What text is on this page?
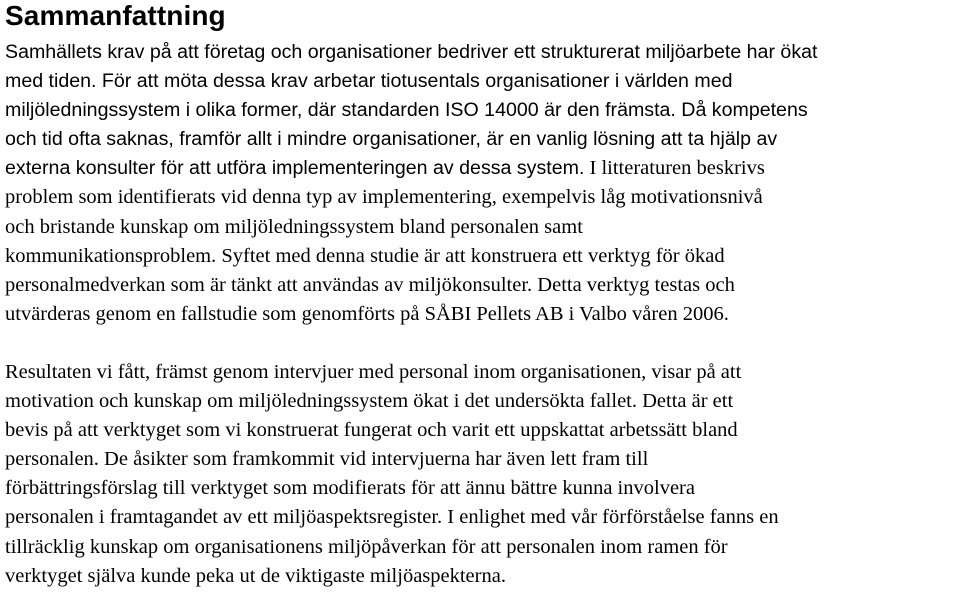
Sammanfattning

Samhällets krav på att företag och organisationer bedriver ett strukturerat miljöarbete har ökat
med tiden. För att möta dessa krav arbetar tiotusentals organisationer i världen med
miljöledningssystem i olika former, där standarden ISO 14000 är den främsta. Då kompetens
och tid ofta saknas, framför allt i mindre organisationer, är en vanlig lösning att ta hjälp av
externa konsulter för att utföra implementeringen av dessa system. I litteraturen beskrivs
problem som identifierats vid denna typ av implementering, exempelvis låg motivationsnivå
och bristande kunskap om miljöledningssystem bland personalen samt
kommunikationsproblem. Syftet med denna studie är att konstruera ett verktyg för ökad
personalmedverkan som är tänkt att användas av miljökonsulter. Detta verktyg testas och
utvärderas genom en fallstudie som genomförts på SÅBI Pellets AB i Valbo våren 2006.

Resultaten vi fått, främst genom intervjuer med personal inom organisationen, visar på att
motivation och kunskap om miljöledningssystem ökat i det undersökta fallet. Detta är ett
bevis på att verktyget som vi konstruerat fungerat och varit ett uppskattat arbetssätt bland
personalen. De åsikter som framkommit vid intervjuerna har även lett fram till
förbättringsförslag till verktyget som modifierats för att ännu bättre kunna involvera
personalen i framtagandet av ett miljöaspektsregister. I enlighet med vår förförståelse fanns en
tillräcklig kunskap om organisationens miljöpåverkan för att personalen inom ramen för
verktyget själva kunde peka ut de viktigaste miljöaspekterna.
